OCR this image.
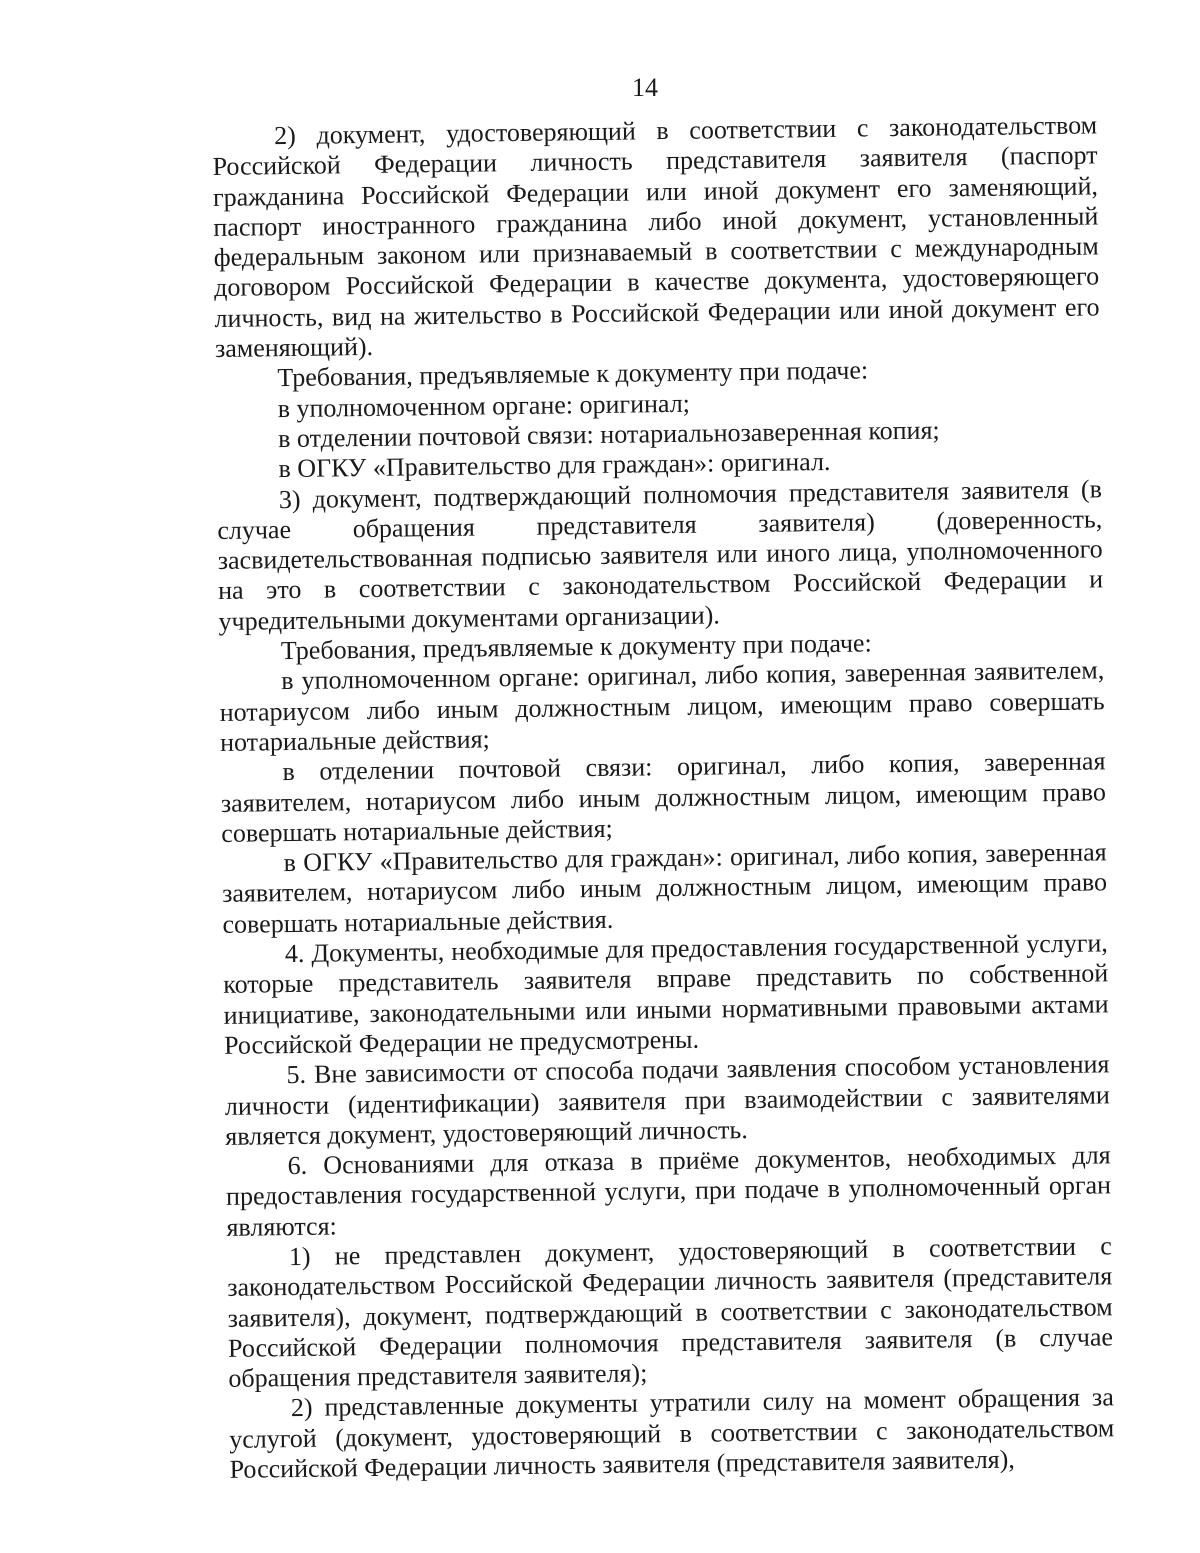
14

2) документ, удостоверяющий в соответствии с законодательством Российской Федерации личность представителя заявителя (паспорт гражданина Российской Федерации или иной документ его заменяющий, паспорт иностранного гражданина либо иной документ, установленный федеральным законом или признаваемый в соответствии с международным договором Российской Федерации в качестве документа, удостоверяющего личность, вид на жительство в Российской Федерации или иной документ его заменяющий).

Требования, предъявляемые к документу при подаче:

в уполномоченном органе: оригинал;

в отделении почтовой связи: нотариальнозаверенная копия;

в ОГКУ «Правительство для граждан»: оригинал.

3) документ, подтверждающий полномочия представителя заявителя (в случае обращения представителя заявителя) (доверенность, засвидетельствованная подписью заявителя или иного лица, уполномоченного на это в соответствии с законодательством Российской Федерации и учредительными документами организации).

Требования, предъявляемые к документу при подаче:

в уполномоченном органе: оригинал, либо копия, заверенная заявителем, нотариусом либо иным должностным лицом, имеющим право совершать нотариальные действия;

в отделении почтовой связи: оригинал, либо копия, заверенная заявителем, нотариусом либо иным должностным лицом, имеющим право совершать нотариальные действия;

в ОГКУ «Правительство для граждан»: оригинал, либо копия, заверенная заявителем, нотариусом либо иным должностным лицом, имеющим право совершать нотариальные действия.

4. Документы, необходимые для предоставления государственной услуги, которые представитель заявителя вправе представить по собственной инициативе, законодательными или иными нормативными правовыми актами Российской Федерации не предусмотрены.

5. Вне зависимости от способа подачи заявления способом установления личности (идентификации) заявителя при взаимодействии с заявителями является документ, удостоверяющий личность.

6. Основаниями для отказа в приёме документов, необходимых для предоставления государственной услуги, при подаче в уполномоченный орган являются:

1) не представлен документ, удостоверяющий в соответствии с законодательством Российской Федерации личность заявителя (представителя заявителя), документ, подтверждающий в соответствии с законодательством Российской Федерации полномочия представителя заявителя (в случае обращения представителя заявителя);

2) представленные документы утратили силу на момент обращения за услугой (документ, удостоверяющий в соответствии с законодательством Российской Федерации личность заявителя (представителя заявителя),
